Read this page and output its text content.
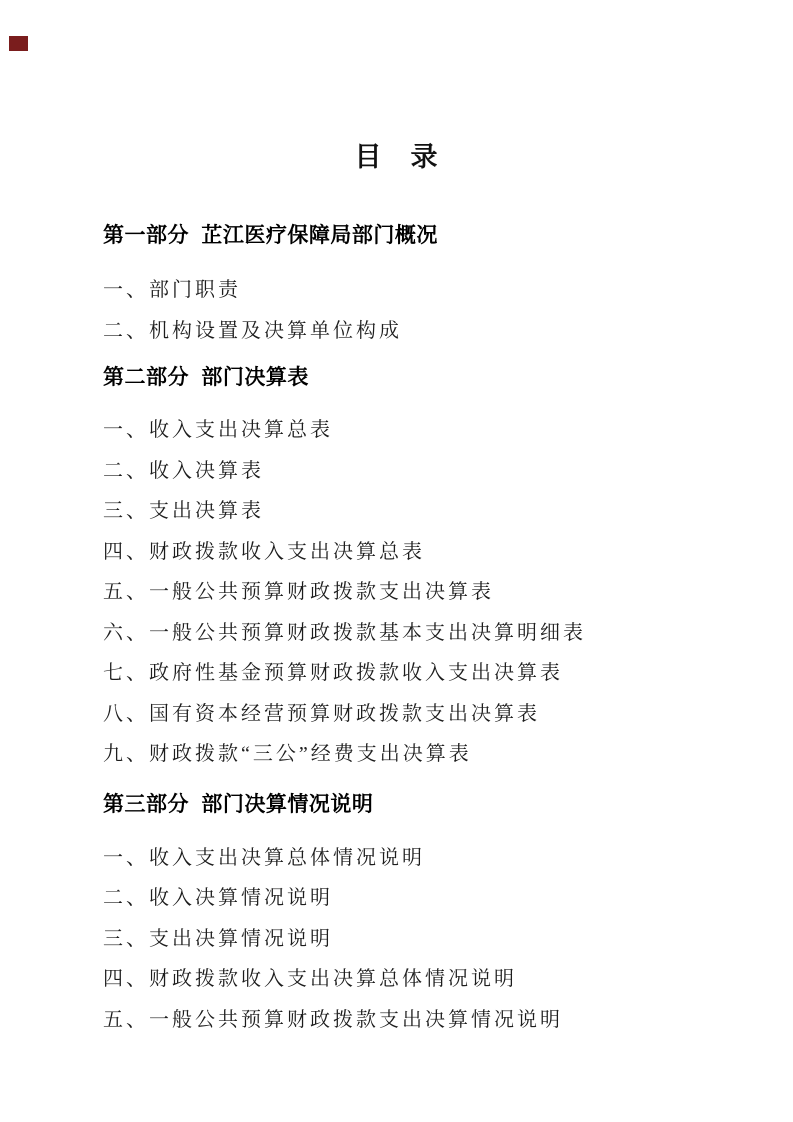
目　录
第一部分 芷江医疗保障局部门概况

一、部门职责

二、机构设置及决算单位构成

第二部分 部门决算表

一、收入支出决算总表

二、收入决算表

三、支出决算表

四、财政拨款收入支出决算总表

五、一般公共预算财政拨款支出决算表

六、一般公共预算财政拨款基本支出决算明细表

七、政府性基金预算财政拨款收入支出决算表

八、国有资本经营预算财政拨款支出决算表

九、财政拨款“三公”经费支出决算表

第三部分 部门决算情况说明

一、收入支出决算总体情况说明

二、收入决算情况说明

三、支出决算情况说明

四、财政拨款收入支出决算总体情况说明

五、一般公共预算财政拨款支出决算情况说明
